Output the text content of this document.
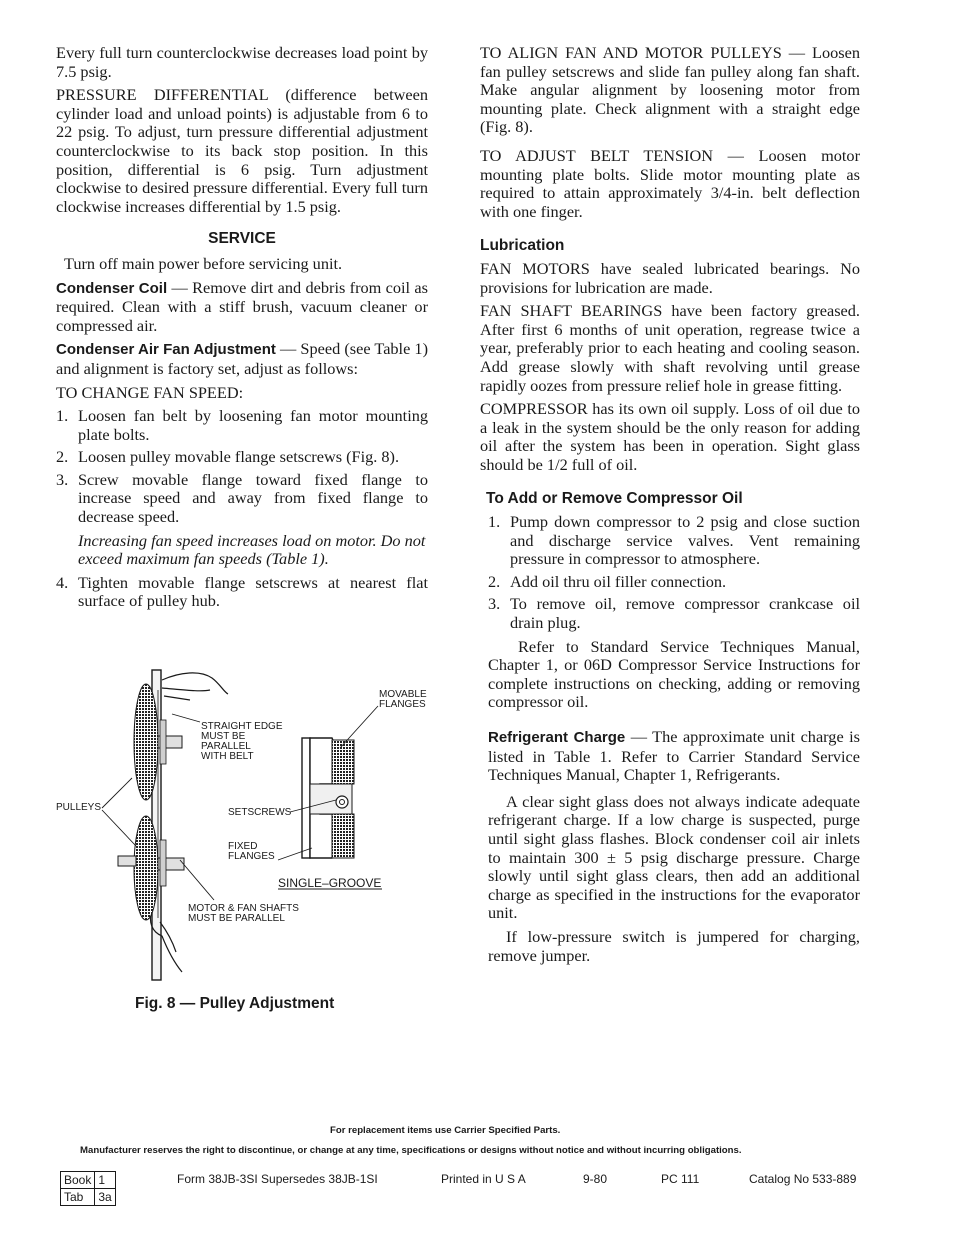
Every full turn counterclockwise decreases load point by 7.5 psig.

PRESSURE DIFFERENTIAL (difference between cylinder load and unload points) is adjustable from 6 to 22 psig. To adjust, turn pressure differential adjustment counterclockwise to its back stop position. In this position, differential is 6 psig. Turn adjustment clockwise to desired pressure differential. Every full turn clockwise increases differential by 1.5 psig.

SERVICE

Turn off main power before servicing unit.

Condenser Coil — Remove dirt and debris from coil as required. Clean with a stiff brush, vacuum cleaner or compressed air.

Condenser Air Fan Adjustment — Speed (see Table 1) and alignment is factory set, adjust as follows:

TO CHANGE FAN SPEED:

1. Loosen fan belt by loosening fan motor mounting plate bolts.
2. Loosen pulley movable flange setscrews (Fig. 8).
3. Screw movable flange toward fixed flange to increase speed and away from fixed flange to decrease speed.
Increasing fan speed increases load on motor. Do not exceed maximum fan speeds (Table 1).
4. Tighten movable flange setscrews at nearest flat surface of pulley hub.
MOVABLE
FLANGES
STRAIGHT EDGE
MUST BE
PARALLEL
WITH BELT
PULLEYS	SETSCREWS
FIXED
FLANGES
SINGLE–GROOVE
MOTOR & FAN SHAFTS
MUST BE PARALLEL
Fig. 8 — Pulley Adjustment

TO ALIGN FAN AND MOTOR PULLEYS — Loosen fan pulley setscrews and slide fan pulley along fan shaft. Make angular alignment by loosening motor from mounting plate. Check alignment with a straight edge (Fig. 8).

TO ADJUST BELT TENSION — Loosen motor mounting plate bolts. Slide motor mounting plate as required to attain approximately 3/4-in. belt deflection with one finger.

Lubrication

FAN MOTORS have sealed lubricated bearings. No provisions for lubrication are made.

FAN SHAFT BEARINGS have been factory greased. After first 6 months of unit operation, regrease twice a year, preferably prior to each heating and cooling season. Add grease slowly with shaft revolving until grease rapidly oozes from pressure relief hole in grease fitting.

COMPRESSOR has its own oil supply. Loss of oil due to a leak in the system should be the only reason for adding oil after the system has been in operation. Sight glass should be 1/2 full of oil.

To Add or Remove Compressor Oil
1. Pump down compressor to 2 psig and close suction and discharge service valves. Vent remaining pressure in compressor to atmosphere.
2. Add oil thru oil filler connection.
3. To remove oil, remove compressor crankcase oil drain plug.

Refer to Standard Service Techniques Manual, Chapter 1, or 06D Compressor Service Instructions for complete instructions on checking, adding or removing compressor oil.

Refrigerant Charge — The approximate unit charge is listed in Table 1. Refer to Carrier Standard Service Techniques Manual, Chapter 1, Refrigerants.

A clear sight glass does not always indicate adequate refrigerant charge. If a low charge is suspected, purge until sight glass flashes. Block condenser coil air inlets to maintain 300 ± 5 psig discharge pressure. Charge slowly until sight glass clears, then add an additional charge as specified in the instructions for the evaporator unit.

If low-pressure switch is jumpered for charging, remove jumper.

For replacement items use Carrier Specified Parts.
Manufacturer reserves the right to discontinue, or change at any time, specifications or designs without notice and without incurring obligations.
Book	1
Tab	3a
Form 38JB-3SI Supersedes 38JB-1SI	Printed in U S A	9-80	PC 111	Catalog No 533-889
